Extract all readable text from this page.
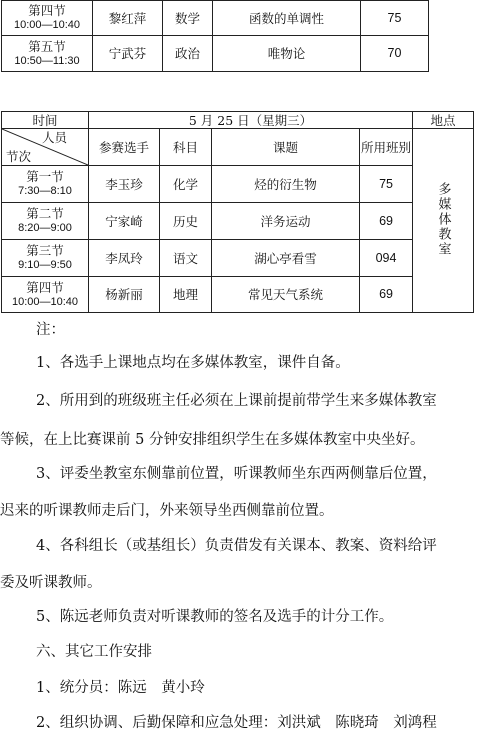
第四节
10:00—10:40	黎红萍	数学	函数的单调性	75

第五节
10:50—11:30	宁武芬	政治	唯物论	70
时间	5 月 25 日（星期三）				地点

人员
节次	参赛选手	科目	课题	所用班别	多媒体教室

第一节
7:30—8:10	李玉珍	化学	烃的衍生物	75	

第二节
8:20—9:00	宁家崎	历史	洋务运动	69	

第三节
9:10—9:50	李凤玲	语文	湖心亭看雪	094	

第四节
10:00—10:40	杨新丽	地理	常见天气系统	69	
注：
1、各选手上课地点均在多媒体教室，课件自备。
2、所用到的班级班主任必须在上课前提前带学生来多媒体教室
等候，在上比赛课前 5 分钟安排组织学生在多媒体教室中央坐好。
3、评委坐教室东侧靠前位置，听课教师坐东西两侧靠后位置，
迟来的听课教师走后门，外来领导坐西侧靠前位置。
4、各科组长（或基组长）负责借发有关课本、教案、资料给评
委及听课教师。
5、陈远老师负责对听课教师的签名及选手的计分工作。
六、其它工作安排
1、统分员：陈远　黄小玲
2、组织协调、后勤保障和应急处理：刘洪斌　陈晓琦　刘鸿程
